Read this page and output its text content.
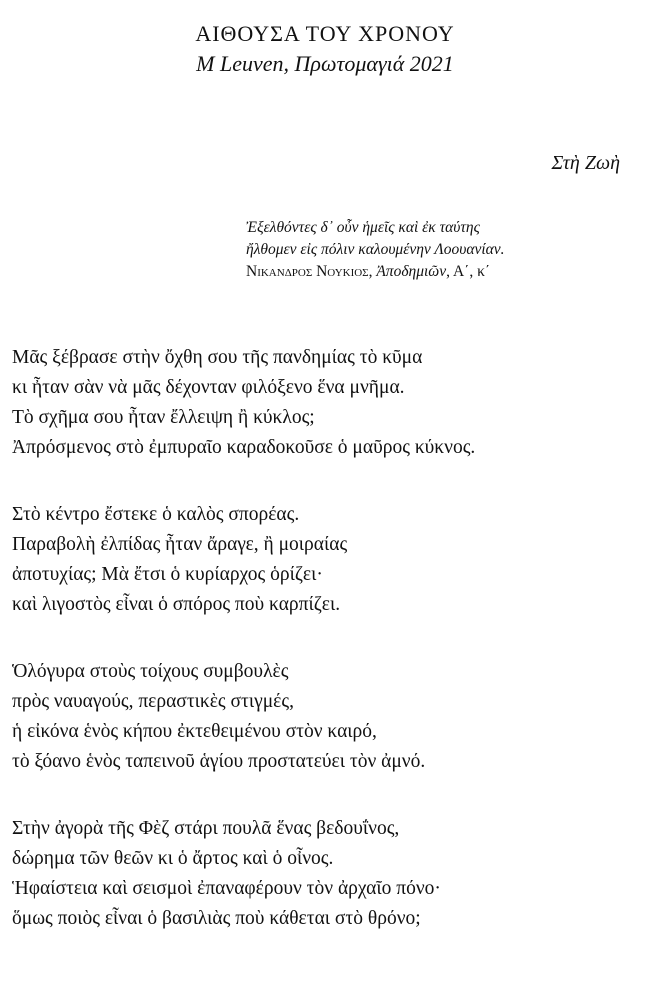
ΑΙΘΟΥΣΑ ΤΟΥ ΧΡΟΝΟΥ
M Leuven, Πρωτομαγιά 2021
Στὴ Ζωὴ
Ἐξελθόντες δ᾽ οὖν ἡμεῖς καὶ ἐκ ταύτης
ἤλθομεν εἰς πόλιν καλουμένην Λοουανίαν.
Νικανδρος Νουκιος, Ἀποδημιῶν, Α΄, κ΄
Μᾶς ξέβρασε στὴν ὄχθη σου τῆς πανδημίας τὸ κῦμα
κι ἦταν σὰν νὰ μᾶς δέχονταν φιλόξενο ἕνα μνῆμα.
Τὸ σχῆμα σου ἦταν ἔλλειψη ἢ κύκλος;
Ἀπρόσμενος στὸ ἐμπυραῖο καραδοκοῦσε ὁ μαῦρος κύκνος.
Στὸ κέντρο ἔστεκε ὁ καλὸς σπορέας.
Παραβολὴ ἐλπίδας ἦταν ἄραγε, ἢ μοιραίας
ἀποτυχίας; Μὰ ἔτσι ὁ κυρίαρχος ὁρίζει·
καὶ λιγοστὸς εἶναι ὁ σπόρος ποὺ καρπίζει.
Ὁλόγυρα στοὺς τοίχους συμβουλὲς
πρὸς ναυαγούς, περαστικὲς στιγμές,
ἡ εἰκόνα ἑνὸς κήπου ἐκτεθειμένου στὸν καιρό,
τὸ ξόανο ἑνὸς ταπεινοῦ ἁγίου προστατεύει τὸν ἀμνό.
Στὴν ἀγορὰ τῆς Φὲζ στάρι πουλᾶ ἕνας βεδουΐνος,
δώρημα τῶν θεῶν κι ὁ ἄρτος καὶ ὁ οἶνος.
Ἡφαίστεια καὶ σεισμοὶ ἐπαναφέρουν τὸν ἀρχαῖο πόνο·
ὅμως ποιὸς εἶναι ὁ βασιλιὰς ποὺ κάθεται στὸ θρόνο;
